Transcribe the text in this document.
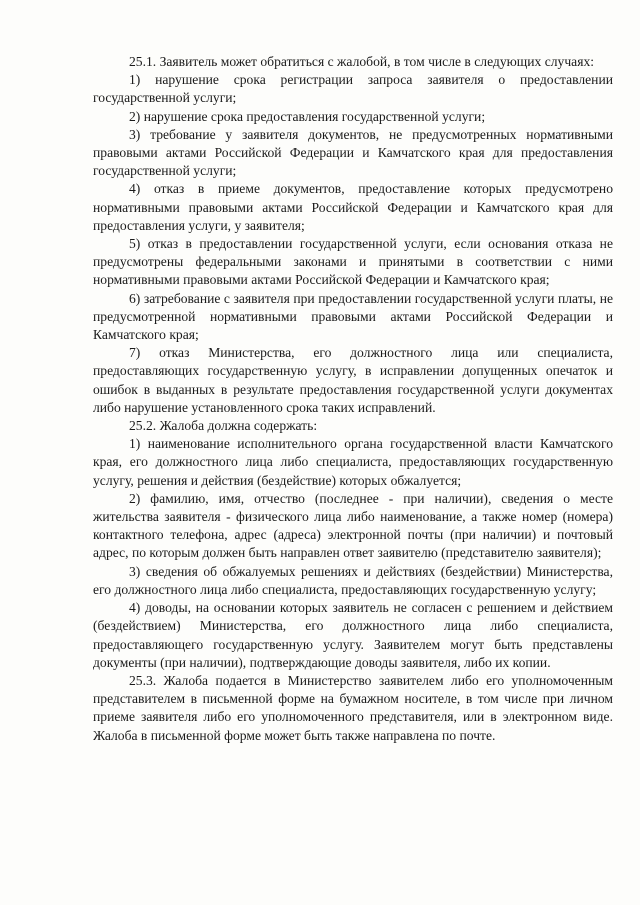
25.1. Заявитель может обратиться с жалобой, в том числе в следующих случаях:

1) нарушение срока регистрации запроса заявителя о предоставлении государственной услуги;

2) нарушение срока предоставления государственной услуги;

3) требование у заявителя документов, не предусмотренных нормативными правовыми актами Российской Федерации и Камчатского края для предоставления государственной услуги;

4) отказ в приеме документов, предоставление которых предусмотрено нормативными правовыми актами Российской Федерации и Камчатского края для предоставления услуги, у заявителя;

5) отказ в предоставлении государственной услуги, если основания отказа не предусмотрены федеральными законами и принятыми в соответствии с ними нормативными правовыми актами Российской Федерации и Камчатского края;

6) затребование с заявителя при предоставлении государственной услуги платы, не предусмотренной нормативными правовыми актами Российской Федерации и Камчатского края;

7) отказ Министерства, его должностного лица или специалиста, предоставляющих государственную услугу, в исправлении допущенных опечаток и ошибок в выданных в результате предоставления государственной услуги документах либо нарушение установленного срока таких исправлений.

25.2. Жалоба должна содержать:

1) наименование исполнительного органа государственной власти Камчатского края, его должностного лица либо специалиста, предоставляющих государственную услугу, решения и действия (бездействие) которых обжалуется;

2) фамилию, имя, отчество (последнее - при наличии), сведения о месте жительства заявителя - физического лица либо наименование, а также номер (номера) контактного телефона, адрес (адреса) электронной почты (при наличии) и почтовый адрес, по которым должен быть направлен ответ заявителю (представителю заявителя);

3) сведения об обжалуемых решениях и действиях (бездействии) Министерства, его должностного лица либо специалиста, предоставляющих государственную услугу;

4) доводы, на основании которых заявитель не согласен с решением и действием (бездействием) Министерства, его должностного лица либо специалиста, предоставляющего государственную услугу. Заявителем могут быть представлены документы (при наличии), подтверждающие доводы заявителя, либо их копии.

25.3. Жалоба подается в Министерство заявителем либо его уполномоченным представителем в письменной форме на бумажном носителе, в том числе при личном приеме заявителя либо его уполномоченного представителя, или в электронном виде. Жалоба в письменной форме может быть также направлена по почте.
